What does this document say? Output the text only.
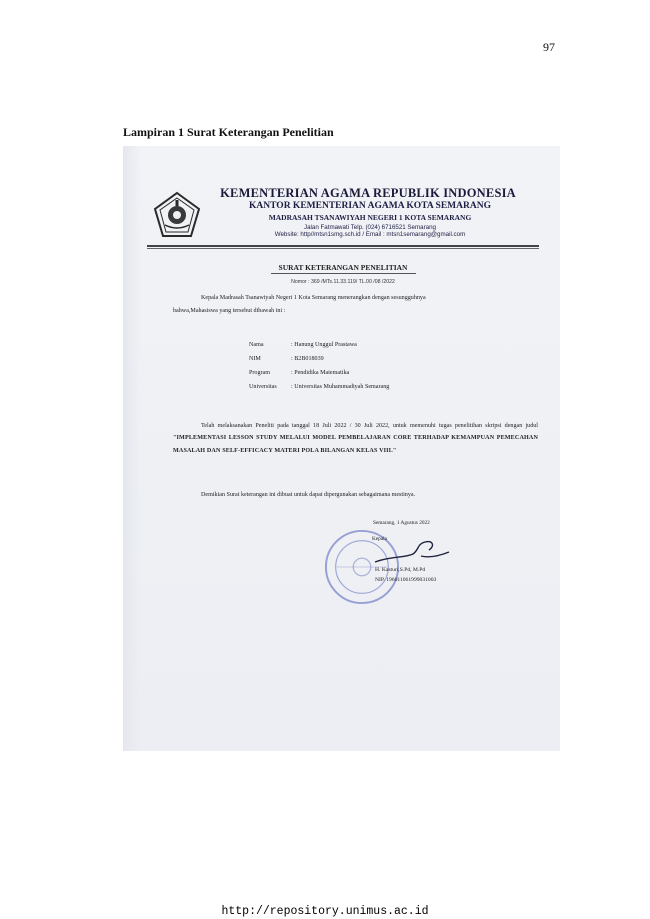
97
Lampiran 1 Surat Keterangan Penelitian
KEMENTERIAN AGAMA REPUBLIK INDONESIA
KANTOR KEMENTERIAN AGAMA KOTA SEMARANG
MADRASAH TSANAWIYAH NEGERI 1 KOTA SEMARANG
Jalan Fatmawati Telp. (024) 6716521 Semarang
Website: http//mtsn1smg.sch.id / Email : mtsn1semarang@gmail.com
SURAT KETERANGAN PENELITIAN
Nomor : 369 /MTs.11.33.119/ TL.00 /08 /2022
Kepala Madrasah Tsanawiyah Negeri 1 Kota Semarang menerangkan dengan sesungguhnya
bahwa,Mahasiswa yang tersebut dibawah ini :
Nama	: Hanung Unggul Prastawa
NIM	: B2B018039
Program	: Pendidika Matematika
Universitas : Universitas Muhammadiyah Semarang
Telah melaksanakan Peneliti pada tanggal 18 Juli 2022 / 30 Juli 2022, untuk memenuhi tugas penelitihan skripsi dengan judul "IMPLEMENTASI LESSON STUDY MELALUI MODEL PEMBELAJARAN CORE TERHADAP KEMAMPUAN PEMECAHAN MASALAH DAN SELF-EFFICACY MATERI POLA BILANGAN KELAS VIII."
Demikian Surat keterangan ini dibuat untuk dapat dipergunakan sebagaimana mestinya.
Semarang, 1 Agustus 2022
Kepala
H. Kasturi,S.Pd, M.Pd
NIP. 196611061999031003
http://repository.unimus.ac.id
